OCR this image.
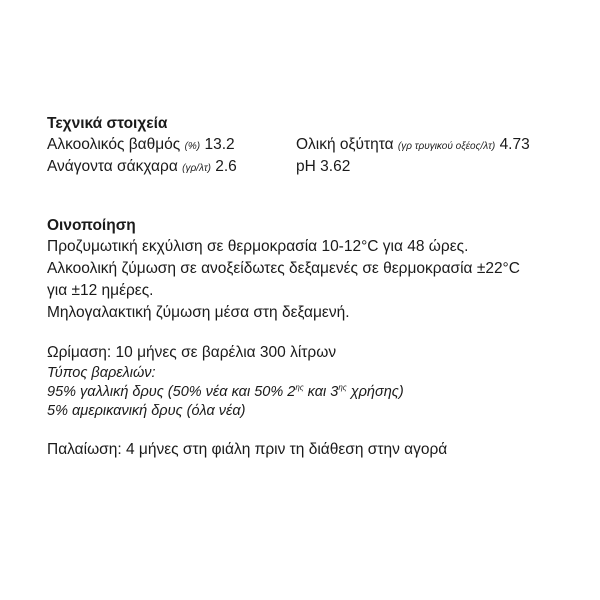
Τεχνικά στοιχεία
Αλκοολικός βαθμός (%) 13.2	Ολική οξύτητα (γρ τρυγικού οξέος/λτ) 4.73
Ανάγοντα σάκχαρα (γρ/λτ) 2.6	pH 3.62
Οινοποίηση

Προζυμωτική εκχύλιση σε θερμοκρασία 10-12°C για 48 ώρες.

Αλκοολική ζύμωση σε ανοξείδωτες δεξαμενές σε θερμοκρασία ±22°C

για ±12 ημέρες.

Μηλογαλακτική ζύμωση μέσα στη δεξαμενή.

Ωρίμαση: 10 μήνες σε βαρέλια 300 λίτρων

Τύπος βαρελιών:

95% γαλλική δρυς (50% νέα και 50% $2^{\eta\varsigma}$ και $3^{\eta\varsigma}$ χρήσης)

5% αμερικανική δρυς (όλα νέα)

Παλαίωση: 4 μήνες στη φιάλη πριν τη διάθεση στην αγορά
